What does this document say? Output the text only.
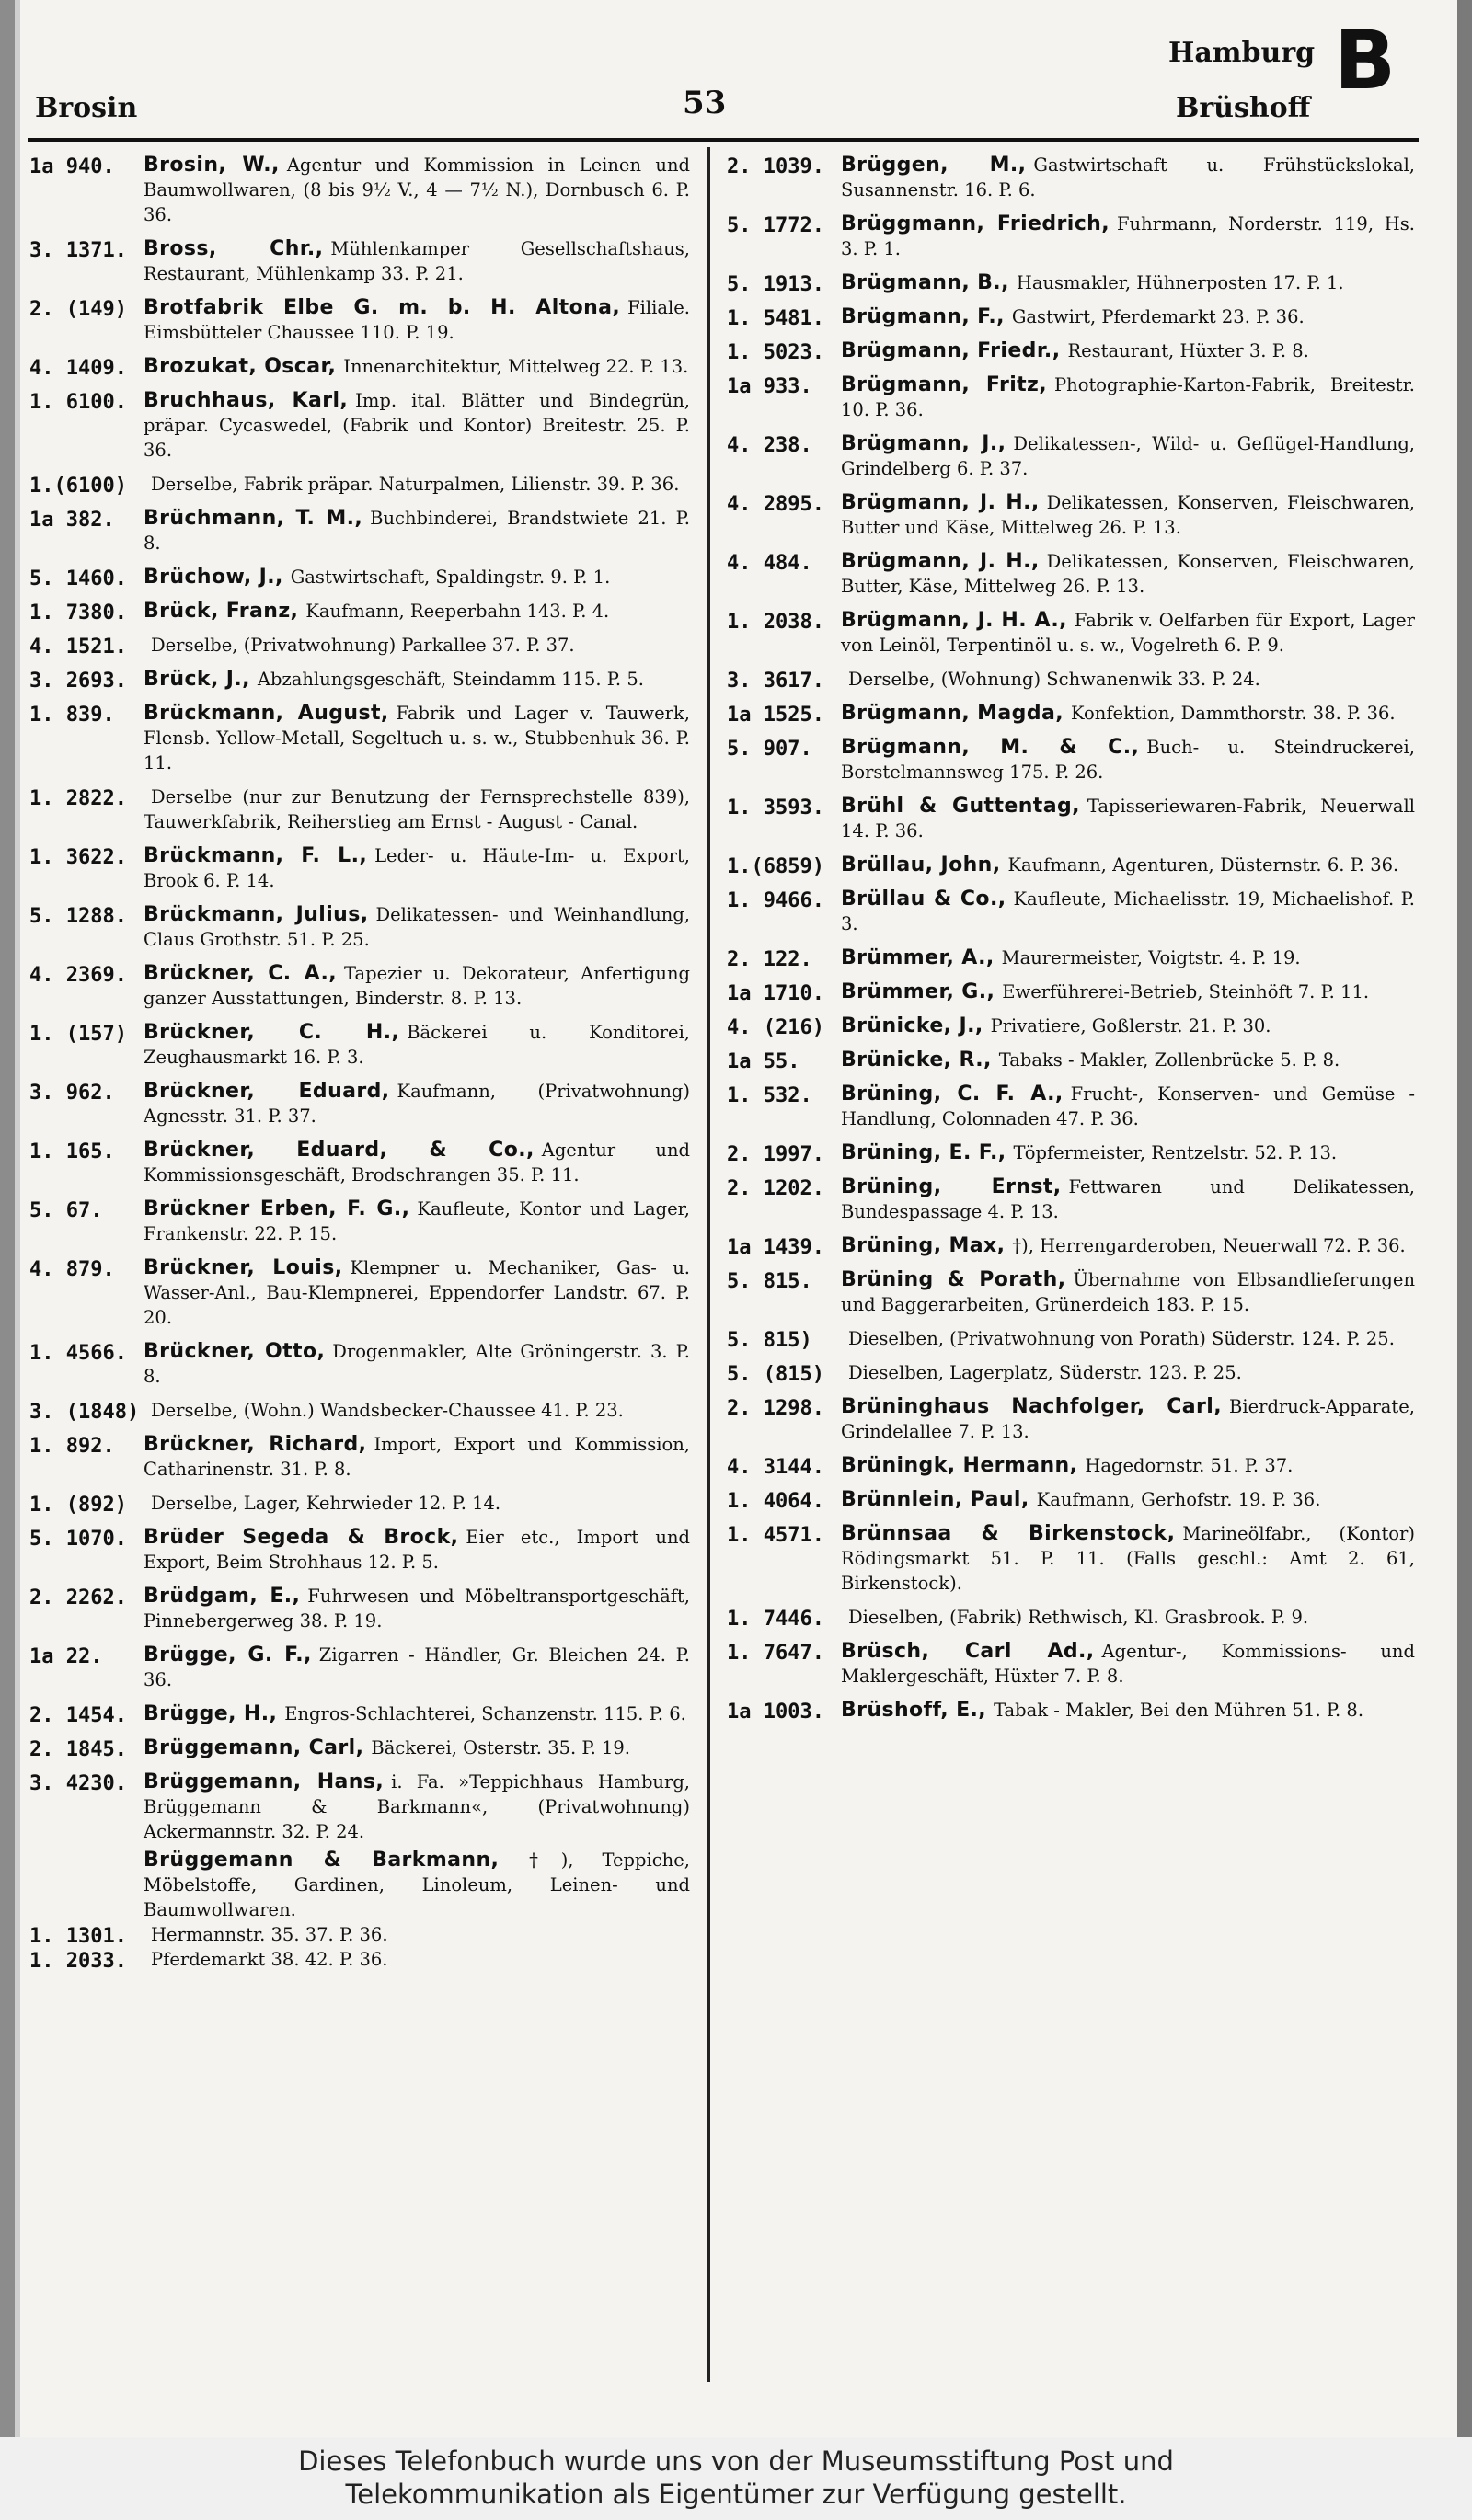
Brosin	53
Hamburg
Brüshoff
B
1a 940. Brosin, W., Agentur und Kommission in Leinen und Baumwollwaren, (8 bis 9½ V., 4 — 7½ N.), Dornbusch 6. P. 36.
3. 1371. Bross, Chr., Mühlenkamper Gesellschaftshaus, Restaurant, Mühlenkamp 33. P. 21.
2. (149) Brotfabrik Elbe G. m. b. H. Altona, Filiale. Eimsbütteler Chaussee 110. P. 19.
4. 1409. Brozukat, Oscar, Innenarchitektur, Mittelweg 22. P. 13.
1. 6100. Bruchhaus, Karl, Imp. ital. Blätter und Bindegrün, präpar. Cycaswedel, (Fabrik und Kontor) Breitestr. 25. P. 36.
1.(6100) Derselbe, Fabrik präpar. Naturpalmen, Lilienstr. 39. P. 36.
1a 382. Brüchmann, T. M., Buchbinderei, Brandstwiete 21. P. 8.
5. 1460. Brüchow, J., Gastwirtschaft, Spaldingstr. 9. P. 1.
1. 7380. Brück, Franz, Kaufmann, Reeperbahn 143. P. 4.
4. 1521. Derselbe, (Privatwohnung) Parkallee 37. P. 37.
3. 2693. Brück, J., Abzahlungsgeschäft, Steindamm 115. P. 5.
1. 839. Brückmann, August, Fabrik und Lager v. Tauwerk, Flensb. Yellow-Metall, Segeltuch u. s. w., Stubbenhuk 36. P. 11.
1. 2822. Derselbe (nur zur Benutzung der Fernsprechstelle 839), Tauwerkfabrik, Reiherstieg am Ernst - August - Canal.
1. 3622. Brückmann, F. L., Leder- u. Häute-Im- u. Export, Brook 6. P. 14.
5. 1288. Brückmann, Julius, Delikatessen- und Weinhandlung, Claus Grothstr. 51. P. 25.
4. 2369. Brückner, C. A., Tapezier u. Dekorateur, Anfertigung ganzer Ausstattungen, Binderstr. 8. P. 13.
1. (157) Brückner, C. H., Bäckerei u. Konditorei, Zeughausmarkt 16. P. 3.
3. 962. Brückner, Eduard, Kaufmann, (Privatwohnung) Agnesstr. 31. P. 37.
1. 165. Brückner, Eduard, & Co., Agentur und Kommissionsgeschäft, Brodschrangen 35. P. 11.
5. 67. Brückner Erben, F. G., Kaufleute, Kontor und Lager, Frankenstr. 22. P. 15.
4. 879. Brückner, Louis, Klempner u. Mechaniker, Gas- u. Wasser-Anl., Bau-Klempnerei, Eppendorfer Landstr. 67. P. 20.
1. 4566. Brückner, Otto, Drogenmakler, Alte Gröningerstr. 3. P. 8.
3. (1848) Derselbe, (Wohn.) Wandsbecker-Chaussee 41. P. 23.
1. 892. Brückner, Richard, Import, Export und Kommission, Catharinenstr. 31. P. 8.
1. (892) Derselbe, Lager, Kehrwieder 12. P. 14.
5. 1070. Brüder Segeda & Brock, Eier etc., Import und Export, Beim Strohhaus 12. P. 5.
2. 2262. Brüdgam, E., Fuhrwesen und Möbeltransportgeschäft, Pinnebergerweg 38. P. 19.
1a 22. Brügge, G. F., Zigarren - Händler, Gr. Bleichen 24. P. 36.
2. 1454. Brügge, H., Engros-Schlachterei, Schanzenstr. 115. P. 6.
2. 1845. Brüggemann, Carl, Bäckerei, Osterstr. 35. P. 19.
3. 4230. Brüggemann, Hans, i. Fa. »Teppichhaus Hamburg, Brüggemann & Barkmann«, (Privatwohnung) Ackermannstr. 32. P. 24.
Brüggemann & Barkmann, †), Teppiche, Möbelstoffe, Gardinen, Linoleum, Leinen- und Baumwollwaren.
1. 1301. Hermannstr. 35. 37. P. 36.
1. 2033. Pferdemarkt 38. 42. P. 36.
2. 1039. Brüggen, M., Gastwirtschaft u. Frühstückslokal, Susannenstr. 16. P. 6.
5. 1772. Brüggmann, Friedrich, Fuhrmann, Norderstr. 119, Hs. 3. P. 1.
5. 1913. Brügmann, B., Hausmakler, Hühnerposten 17. P. 1.
1. 5481. Brügmann, F., Gastwirt, Pferdemarkt 23. P. 36.
1. 5023. Brügmann, Friedr., Restaurant, Hüxter 3. P. 8.
1a 933. Brügmann, Fritz, Photographie-Karton-Fabrik, Breitestr. 10. P. 36.
4. 238. Brügmann, J., Delikatessen-, Wild- u. Geflügel-Handlung, Grindelberg 6. P. 37.
4. 2895. Brügmann, J. H., Delikatessen, Konserven, Fleischwaren, Butter und Käse, Mittelweg 26. P. 13.
4. 484. Brügmann, J. H., Delikatessen, Konserven, Fleischwaren, Butter, Käse, Mittelweg 26. P. 13.
1. 2038. Brügmann, J. H. A., Fabrik v. Oelfarben für Export, Lager von Leinöl, Terpentinöl u. s. w., Vogelreth 6. P. 9.
3. 3617. Derselbe, (Wohnung) Schwanenwik 33. P. 24.
1a 1525. Brügmann, Magda, Konfektion, Dammthorstr. 38. P. 36.
5. 907. Brügmann, M. & C., Buch- u. Steindruckerei, Borstelmannsweg 175. P. 26.
1. 3593. Brühl & Guttentag, Tapisseriewaren-Fabrik, Neuerwall 14. P. 36.
1.(6859) Brüllau, John, Kaufmann, Agenturen, Düsternstr. 6. P. 36.
1. 9466. Brüllau & Co., Kaufleute, Michaelisstr. 19, Michaelishof. P. 3.
2. 122. Brümmer, A., Maurermeister, Voigtstr. 4. P. 19.
1a 1710. Brümmer, G., Ewerführerei-Betrieb, Steinhöft 7. P. 11.
4. (216) Brünicke, J., Privatiere, Goßlerstr. 21. P. 30.
1a 55. Brünicke, R., Tabaks - Makler, Zollenbrücke 5. P. 8.
1. 532. Brüning, C. F. A., Frucht-, Konserven- und Gemüse - Handlung, Colonnaden 47. P. 36.
2. 1997. Brüning, E. F., Töpfermeister, Rentzelstr. 52. P. 13.
2. 1202. Brüning, Ernst, Fettwaren und Delikatessen, Bundespassage 4. P. 13.
1a 1439. Brüning, Max, †), Herrengarderoben, Neuerwall 72. P. 36.
5. 815. Brüning & Porath, Übernahme von Elbsandlieferungen und Baggerarbeiten, Grünerdeich 183. P. 15.
5. 815) Dieselben, (Privatwohnung von Porath) Süderstr. 124. P. 25.
5. (815) Dieselben, Lagerplatz, Süderstr. 123. P. 25.
2. 1298. Brüninghaus Nachfolger, Carl, Bierdruck-Apparate, Grindelallee 7. P. 13.
4. 3144. Brüningk, Hermann, Hagedornstr. 51. P. 37.
1. 4064. Brünnlein, Paul, Kaufmann, Gerhofstr. 19. P. 36.
1. 4571. Brünnsaa & Birkenstock, Marineölfabr., (Kontor) Rödingsmarkt 51. P. 11. (Falls geschl.: Amt 2. 61, Birkenstock).
1. 7446. Dieselben, (Fabrik) Rethwisch, Kl. Grasbrook. P. 9.
1. 7647. Brüsch, Carl Ad., Agentur-, Kommissions- und Maklergeschäft, Hüxter 7. P. 8.
1a 1003. Brüshoff, E., Tabak - Makler, Bei den Mühren 51. P. 8.
Dieses Telefonbuch wurde uns von der Museumsstiftung Post und
Telekommunikation als Eigentümer zur Verfügung gestellt.
